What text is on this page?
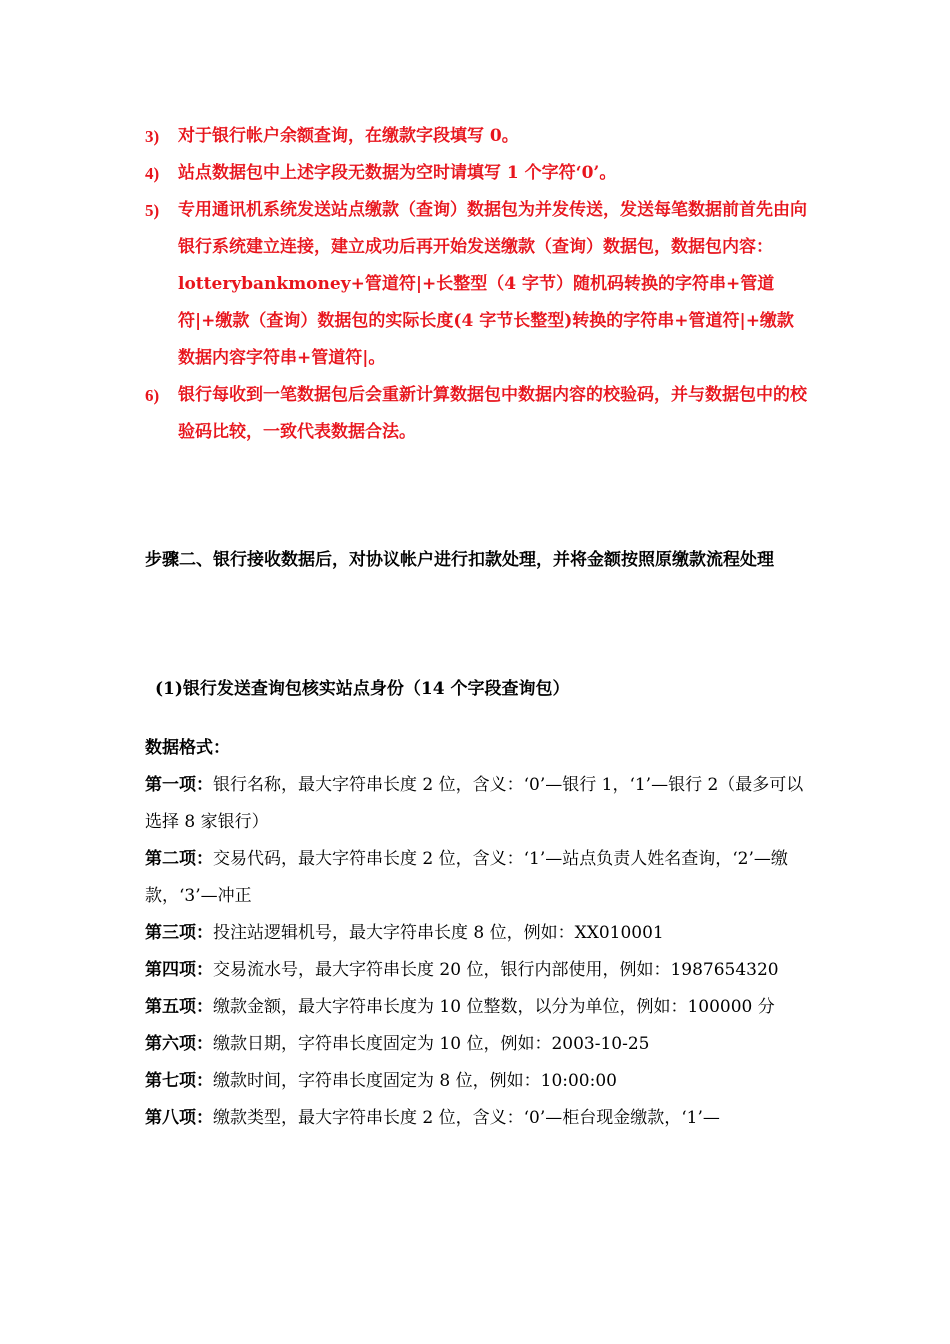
3)	对于银行帐户余额查询，在缴款字段填写 0。
4)	站点数据包中上述字段无数据为空时请填写 1 个字符‘0’。
5)	专用通讯机系统发送站点缴款（查询）数据包为并发传送，发送每笔数据前首先由向银行系统建立连接，建立成功后再开始发送缴款（查询）数据包，数据包内容：lotterybankmoney+管道符|+长整型（4 字节）随机码转换的字符串+管道符|+缴款（查询）数据包的实际长度(4 字节长整型)转换的字符串+管道符|+缴款数据内容字符串+管道符|。
6)	银行每收到一笔数据包后会重新计算数据包中数据内容的校验码，并与数据包中的校验码比较，一致代表数据合法。
步骤二、银行接收数据后，对协议帐户进行扣款处理，并将金额按照原缴款流程处理
(1)银行发送查询包核实站点身份（14 个字段查询包）
数据格式：

第一项：银行名称，最大字符串长度 2 位，含义：‘0’—银行 1，‘1’—银行 2（最多可以选择 8 家银行）

第二项：交易代码，最大字符串长度 2 位，含义：‘1’—站点负责人姓名查询，‘2’—缴款，‘3’—冲正

第三项：投注站逻辑机号，最大字符串长度 8 位，例如：XX010001

第四项：交易流水号，最大字符串长度 20 位，银行内部使用，例如：1987654320

第五项：缴款金额，最大字符串长度为 10 位整数，以分为单位，例如：100000 分

第六项：缴款日期，字符串长度固定为 10 位，例如：2003-10-25

第七项：缴款时间，字符串长度固定为 8 位，例如：10:00:00

第八项：缴款类型，最大字符串长度 2 位，含义：‘0’—柜台现金缴款，‘1’—
